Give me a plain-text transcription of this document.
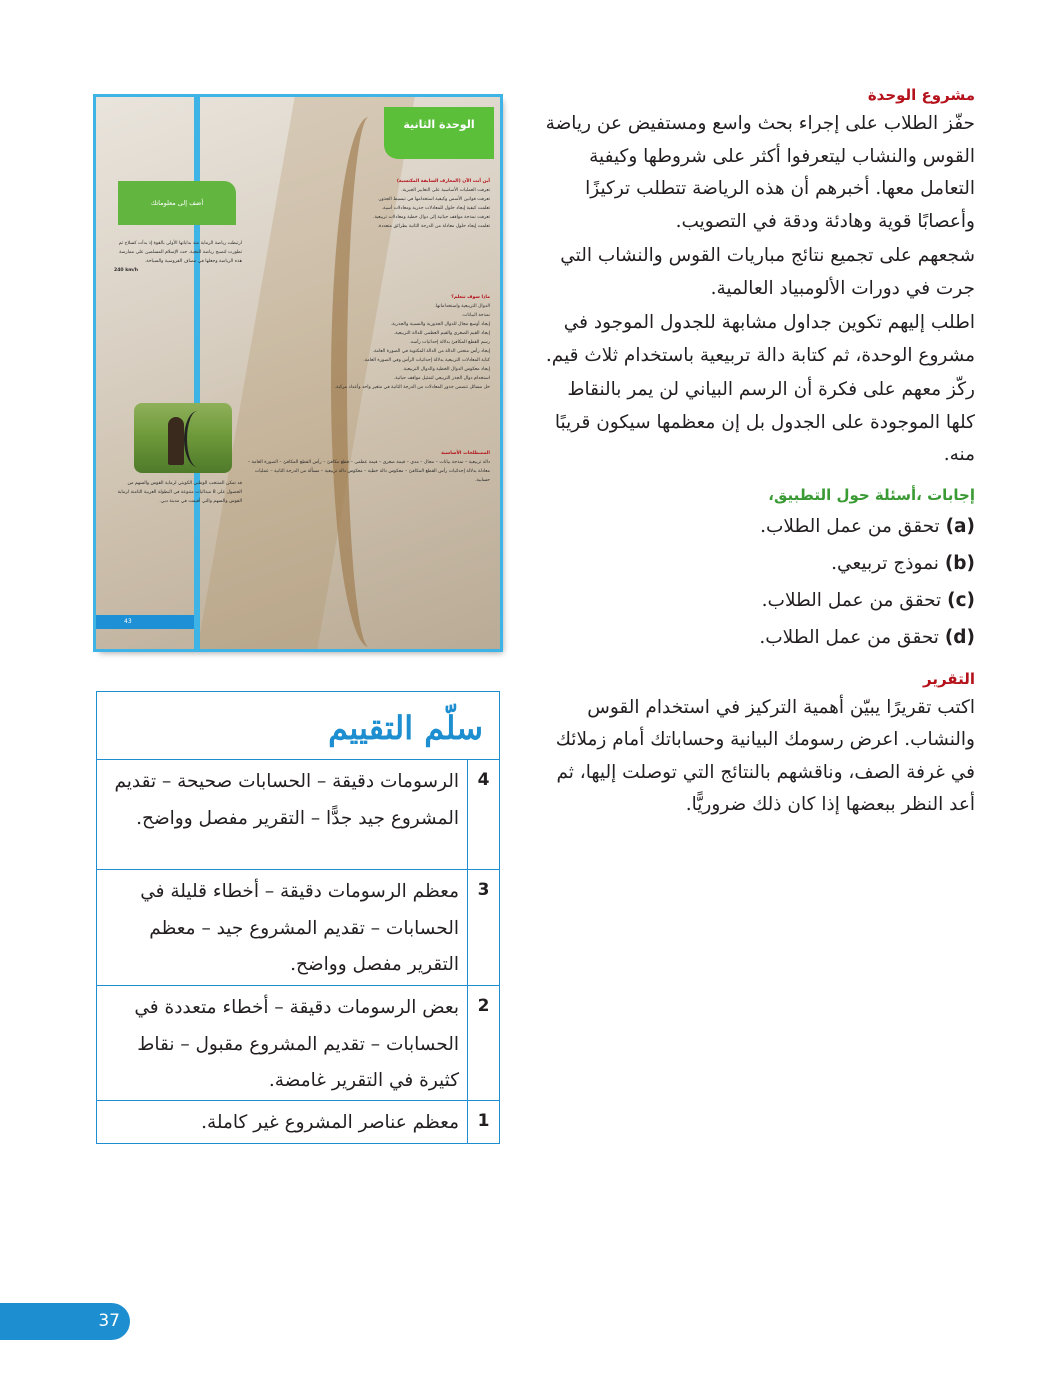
مشروع الوحدة

حفّز الطلاب على إجراء بحث واسع ومستفيض عن رياضة القوس والنشاب ليتعرفوا أكثر على شروطها وكيفية التعامل معها. أخبرهم أن هذه الرياضة تتطلب تركيزًا وأعصابًا قوية وهادئة ودقة في التصويب.

شجعهم على تجميع نتائج مباريات القوس والنشاب التي جرت في دورات الألومبياد العالمية.

اطلب إليهم تكوين جداول مشابهة للجدول الموجود في مشروع الوحدة، ثم كتابة دالة تربيعية باستخدام ثلاث قيم.

ركّز معهم على فكرة أن الرسم البياني لن يمر بالنقاط كلها الموجودة على الجدول بل إن معظمها سيكون قريبًا منه.

إجابات ،أسئلة حول التطبيق،
(a) تحقق من عمل الطلاب.
(b) نموذج تربيعي.
(c) تحقق من عمل الطلاب.
(d) تحقق من عمل الطلاب.
التقرير

اكتب تقريرًا يبيّن أهمية التركيز في استخدام القوس والنشاب. اعرض رسومك البيانية وحساباتك أمام زملائك في غرفة الصف، وناقشهم بالنتائج التي توصلت إليها، ثم أعد النظر ببعضها إذا كان ذلك ضروريًّا.

الوحدة الثانية
أضف إلى معلوماتك
أين أنت الآن (المعارف السابقة المكتسبة)
تعرفت العمليات الأساسية على التعابير الجبرية.
تعرفت قوانين الأسس وكيفية استخدامها في تبسيط الجذور.
تعلمت كيفية إيجاد حلول للمعادلات جذرية ومعادلات أسية.
تعرفت نمذجة مواقف حياتية إلى دوال خطية ومعادلات تربيعية.
تعلمت إيجاد حلول معادلة من الدرجة الثانية بطرائق متعددة.
ماذا سوف تتعلم؟
الدوال التربيعية واستخداماتها.
نمذجة البيانات.
إيجاد أوسع مجال للدوال الجذورية والنسبية والجذرية.
إيجاد القيم الصغرى والقيم العظمى للدالة التربيعية.
رسم القطع المكافئ بدلالة إحداثيات رأسه.
إيجاد رأس منحنى الدالة من الدالة المكتوبة في الصورة العامة.
كتابة المعادلات التربيعية بدلالة إحداثيات الرأس وفي الصورة العامة.
إيجاد معكوس الدوال الخطية والدوال التربيعية.
استخدام دوال الجذر التربيعي لتمثيل مواقف حياتية.
حل مسائل تتضمن جذور المعادلات من الدرجة الثانية في متغير واحد وأعداد مركبة.
المصطلحات الأساسية
دالة تربيعية – نمذجة بيانات – مجال – مدى – قيمة صغرى – قيمة عظمى – قطع مكافئ – رأس القطع المكافئ – الصورة العامة – معادلة بدلالة إحداثيات رأس القطع المكافئ – معكوس دالة خطية – معكوس دالة تربيعية – مسألة من الدرجة الثانية – عمليات حسابية.
ارتبطت رياضة الرماية منذ بداياتها الأولى بالقوة إذ بدأت كسلاح ثم تطورت لتصبح رياضة للنخبة. حث الإسلام المسلمين على ممارسة هذه الرياضة وجعلها في مصاف الفروسية والسباحة.
240 km/h
قد تمكن المنتخب الوطني الكويتي لرماية القوس والسهم من الحصول على 8 ميداليات متنوعة في البطولة العربية الثامنة لرماية القوس والسهم والتي أقيمت في مدينة دبي.
43
سلّم التقييم
4
الرسومات دقيقة – الحسابات صحيحة – تقديم المشروع جيد جدًّا – التقرير مفصل وواضح.
3
معظم الرسومات دقيقة – أخطاء قليلة في الحسابات – تقديم المشروع جيد – معظم التقرير مفصل وواضح.
2
بعض الرسومات دقيقة – أخطاء متعددة في الحسابات – تقديم المشروع مقبول – نقاط كثيرة في التقرير غامضة.
1
معظم عناصر المشروع غير كاملة.
37
